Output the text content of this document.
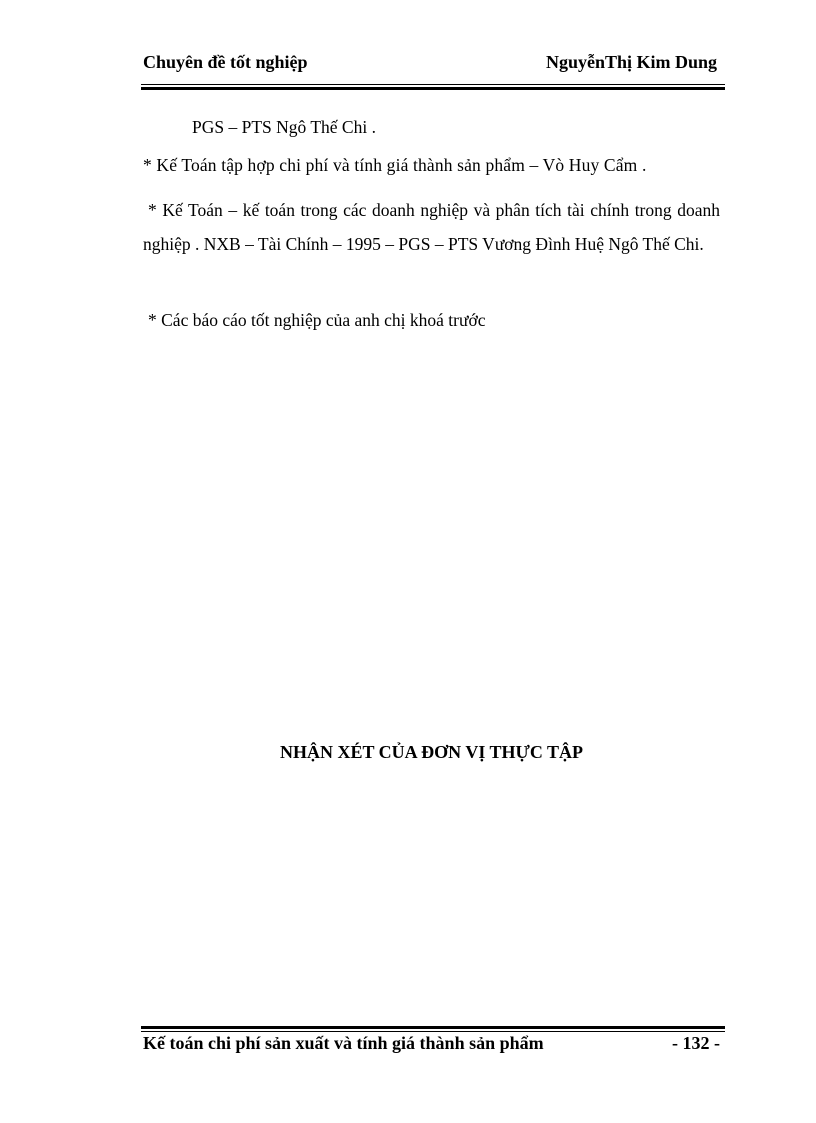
Chuyên đề tốt nghiệp	NguyễnThị Kim Dung

PGS – PTS Ngô Thế Chi .

* Kế Toán tập hợp chi phí và tính giá thành sản phẩm – Vò Huy Cẩm .

* Kế Toán – kế toán trong các doanh nghiệp và phân tích tài chính trong doanh nghiệp . NXB – Tài Chính – 1995 – PGS – PTS Vương Đình Huệ Ngô Thế Chi.

* Các báo cáo tốt nghiệp của anh chị khoá trước

NHẬN XÉT CỦA ĐƠN VỊ THỰC TẬP
Kế toán chi phí sản xuất và tính giá thành sản phẩm	- 132 -
